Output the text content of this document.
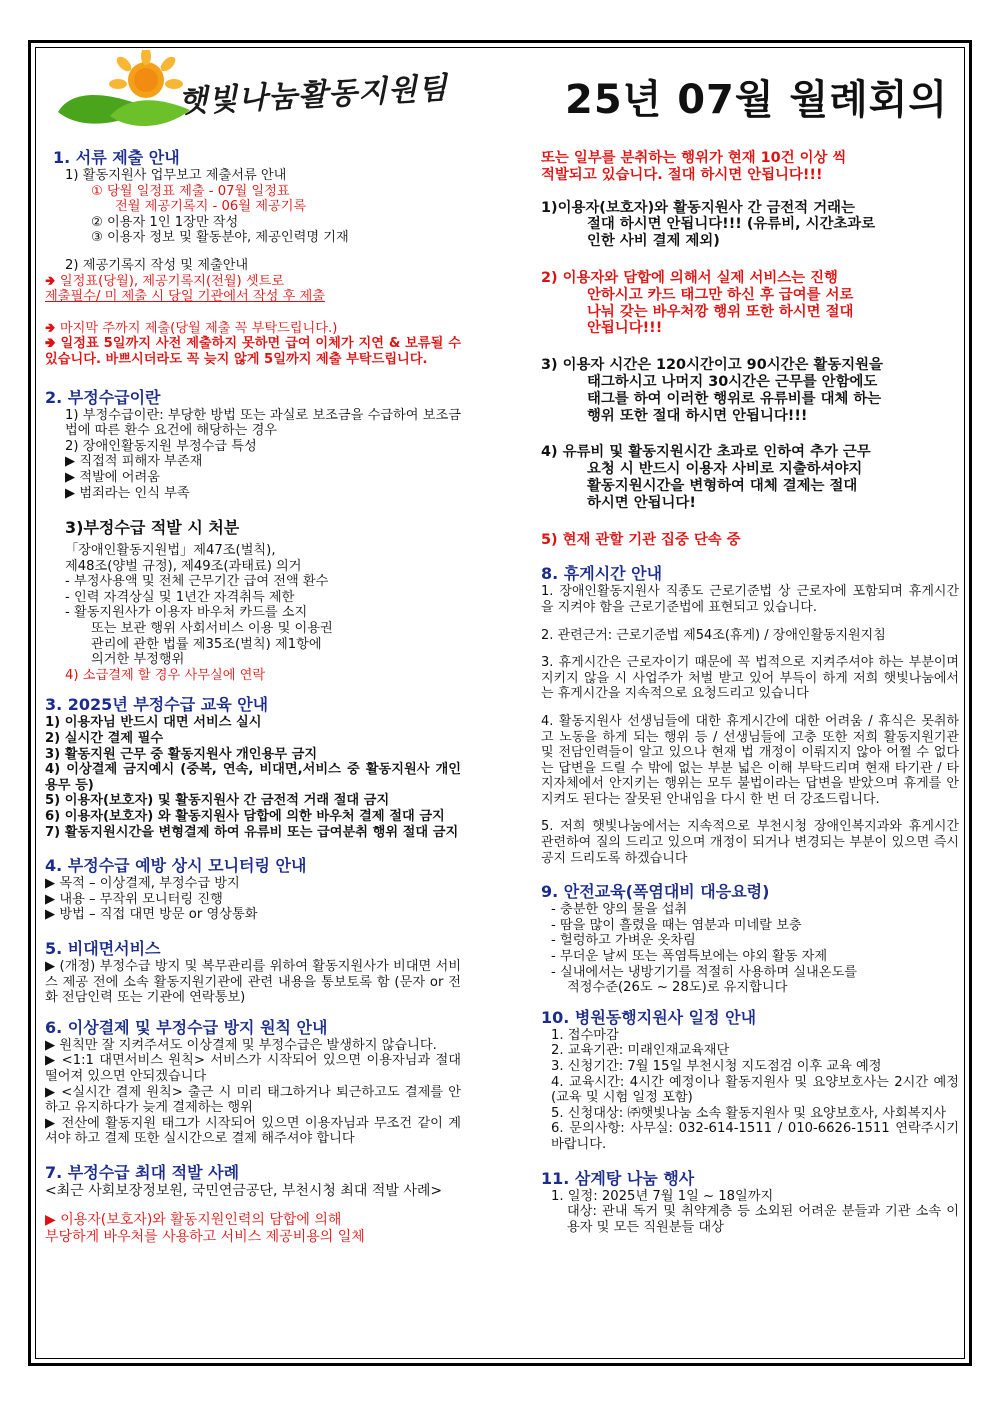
햇빛나눔활동지원팀	25년 07월 월례회의

1. 서류 제출 안내

1) 활동지원사 업무보고 제출서류 안내
① 당월 일정표 제출 - 07월 일정표
전월 제공기록지 - 06월 제공기록
② 이용자 1인 1장만 작성
③ 이용자 정보 및 활동분야, 제공인력명 기재
2) 제공기록지 작성 및 제출안내
🢂 일정표(당월), 제공기록지(전월) 셋트로
제출필수/ 미 제출 시 당일 기관에서 작성 후 제출
🢂 마지막 주까지 제출(당월 제출 꼭 부탁드립니다.)
🢂 일정표 5일까지 사전 제출하지 못하면 급여 이체가 지연 & 보류될 수 있습니다. 바쁘시더라도 꼭 늦지 않게 5일까지 제출 부탁드립니다.

2. 부정수급이란

1) 부정수급이란: 부당한 방법 또는 과실로 보조금을 수급하여 보조금법에 따른 환수 요건에 해당하는 경우
2) 장애인활동지원 부정수급 특성
▶ 직접적 피해자 부존재
▶ 적발에 어려움
▶ 범죄라는 인식 부족

3)부정수급 적발 시 처분

「장애인활동지원법」제47조(벌칙),
제48조(양벌 규정), 제49조(과태료) 의거
- 부정사용액 및 전체 근무기간 급여 전액 환수
- 인력 자격상실 및 1년간 자격취득 제한
- 활동지원사가 이용자 바우처 카드를 소지
또는 보관 행위 사회서비스 이용 및 이용권
관리에 관한 법률 제35조(벌칙) 제1항에
의거한 부정행위
4) 소급결제 할 경우 사무실에 연락

3. 2025년 부정수급 교육 안내

1) 이용자님 반드시 대면 서비스 실시
2) 실시간 결제 필수
3) 활동지원 근무 중 활동지원사 개인용무 금지
4) 이상결제 금지예시 (중복, 연속, 비대면,서비스 중 활동지원사 개인용무 등)
5) 이용자(보호자) 및 활동지원사 간 금전적 거래 절대 금지
6) 이용자(보호자) 와 활동지원사 담합에 의한 바우처 결제 절대 금지
7) 활동지원시간을 변형결제 하여 유류비 또는 급여분취 행위 절대 금지

4. 부정수급 예방 상시 모니터링 안내

▶ 목적 – 이상결제, 부정수급 방지
▶ 내용 – 무작위 모니터링 진행
▶ 방법 – 직접 대면 방문 or 영상통화

5. 비대면서비스

▶ (개정) 부정수급 방지 및 복무관리를 위하여 활동지원사가 비대면 서비스 제공 전에 소속 활동지원기관에 관련 내용을 통보토록 함 (문자 or 전화 전담인력 또는 기관에 연락통보)

6. 이상결제 및 부정수급 방지 원칙 안내

▶ 원칙만 잘 지켜주셔도 이상결제 및 부정수급은 발생하지 않습니다.
▶ <1:1 대면서비스 원칙> 서비스가 시작되어 있으면 이용자님과 절대 떨어져 있으면 안되겠습니다
▶ <실시간 결제 원칙> 출근 시 미리 태그하거나 퇴근하고도 결제를 안하고 유지하다가 늦게 결제하는 행위
▶ 전산에 활동지원 태그가 시작되어 있으면 이용자님과 무조건 같이 계셔야 하고 결제 또한 실시간으로 결제 해주셔야 합니다

7. 부정수급 최대 적발 사례

<최근 사회보장정보원, 국민연금공단, 부천시청 최대 적발 사례>
▶ 이용자(보호자)와 활동지원인력의 담합에 의해
부당하게 바우처를 사용하고 서비스 제공비용의 일체
또는 일부를 분취하는 행위가 현재 10건 이상 씩
적발되고 있습니다. 절대 하시면 안됩니다!!!
1)이용자(보호자)와 활동지원사 간 금전적 거래는
절대 하시면 안됩니다!!! (유류비, 시간초과로
인한 사비 결제 제외)
2) 이용자와 담합에 의해서 실제 서비스는 진행
안하시고 카드 태그만 하신 후 급여를 서로
나눠 갖는 바우처깡 행위 또한 하시면 절대
안됩니다!!!
3) 이용자 시간은 120시간이고 90시간은 활동지원을
태그하시고 나머지 30시간은 근무를 안함에도
태그를 하여 이러한 행위로 유류비를 대체 하는
행위 또한 절대 하시면 안됩니다!!!
4) 유류비 및 활동지원시간 초과로 인하여 추가 근무
요청 시 반드시 이용자 사비로 지출하셔야지
활동지원시간을 변형하여 대체 결제는 절대
하시면 안됩니다!
5) 현재 관할 기관 집중 단속 중

8. 휴게시간 안내

1. 장애인활동지원사 직종도 근로기준법 상 근로자에 포함되며 휴게시간을 지켜야 함을 근로기준법에 표현되고 있습니다.
2. 관련근거: 근로기준법 제54조(휴게) / 장애인활동지원지침
3. 휴게시간은 근로자이기 때문에 꼭 법적으로 지켜주셔야 하는 부분이며 지키지 않을 시 사업주가 처벌 받고 있어 부득이 하게 저희 햇빛나눔에서는 휴게시간을 지속적으로 요청드리고 있습니다
4. 활동지원사 선생님들에 대한 휴게시간에 대한 어려움 / 휴식은 못취하고 노동을 하게 되는 행위 등 / 선생님들에 고충 또한 저희 활동지원기관 및 전담인력들이 알고 있으나 현재 법 개정이 이뤄지지 않아 어쩔 수 없다는 답변을 드릴 수 밖에 없는 부분 넓은 이해 부탁드리며 현재 타기관 / 타 지자체에서 안지키는 행위는 모두 불법이라는 답변을 받았으며 휴게를 안지켜도 된다는 잘못된 안내임을 다시 한 번 더 강조드립니다.
5. 저희 햇빛나눔에서는 지속적으로 부천시청 장애인복지과와 휴게시간 관련하여 질의 드리고 있으며 개정이 되거나 변경되는 부분이 있으면 즉시 공지 드리도록 하겠습니다

9. 안전교육(폭염대비 대응요령)

- 충분한 양의 물을 섭취
- 땀을 많이 흘렸을 때는 염분과 미네랄 보충
- 헐렁하고 가벼운 옷차림
- 무더운 날씨 또는 폭염특보에는 야외 활동 자제
- 실내에서는 냉방기기를 적절히 사용하며 실내온도를
적정수준(26도 ~ 28도)로 유지합니다

10. 병원동행지원사 일정 안내

1. 접수마감
2. 교육기관: 미래인재교육재단
3. 신청기간: 7월 15일 부천시청 지도점검 이후 교육 예정
4. 교육시간: 4시간 예정이나 활동지원사 및 요양보호사는 2시간 예정 (교육 및 시험 일정 포함)
5. 신청대상: ㈜햇빛나눔 소속 활동지원사 및 요양보호사, 사회복지사
6. 문의사항: 사무실: 032-614-1511 / 010-6626-1511 연락주시기 바랍니다.

11. 삼계탕 나눔 행사

1. 일정: 2025년 7월 1일 ~ 18일까지
대상: 관내 독거 및 취약계층 등 소외된 어려운 분들과 기관 소속 이용자 및 모든 직원분들 대상
